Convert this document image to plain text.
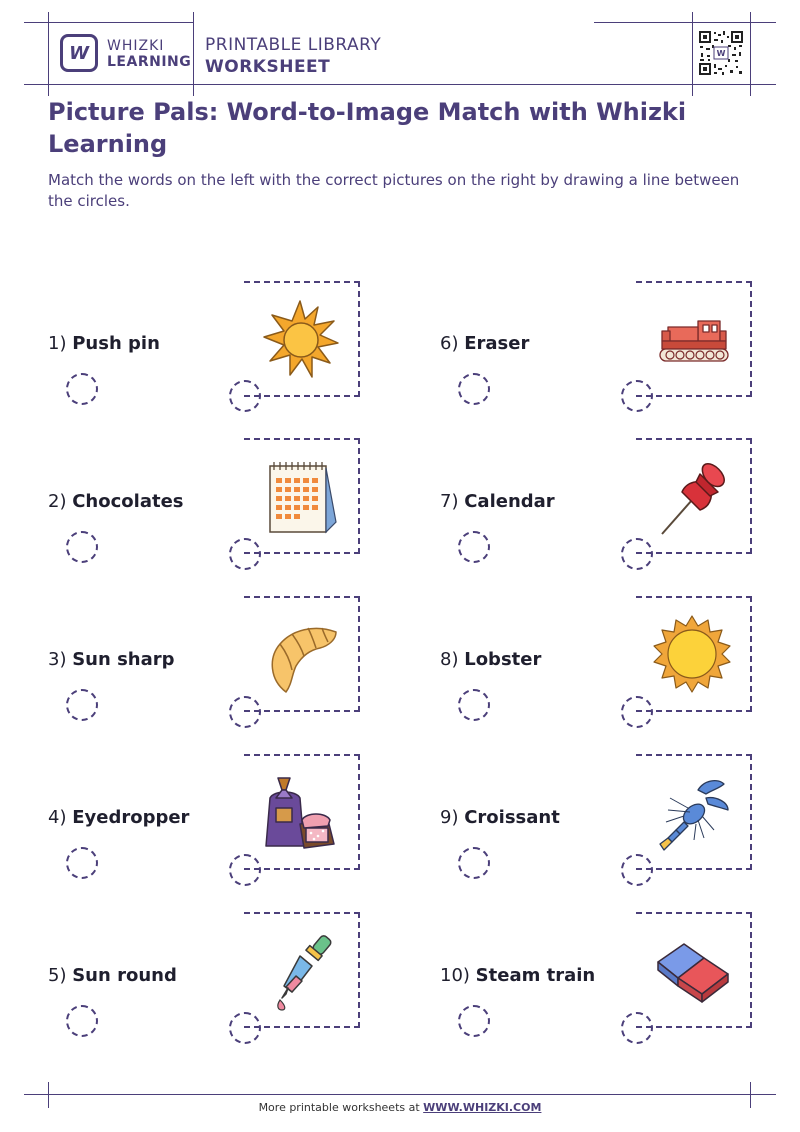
W WHIZKI
LEARNING
PRINTABLE LIBRARY
WORKSHEET
W
Picture Pals: Word-to-Image Match with Whizki Learning
Match the words on the left with the correct pictures on the right by drawing a line between the circles.
1) Push pin
2) Chocolates
3) Sun sharp
4) Eyedropper
5) Sun round
6) Eraser
7) Calendar
8) Lobster
9) Croissant
10) Steam train
More printable worksheets at WWW.WHIZKI.COM
